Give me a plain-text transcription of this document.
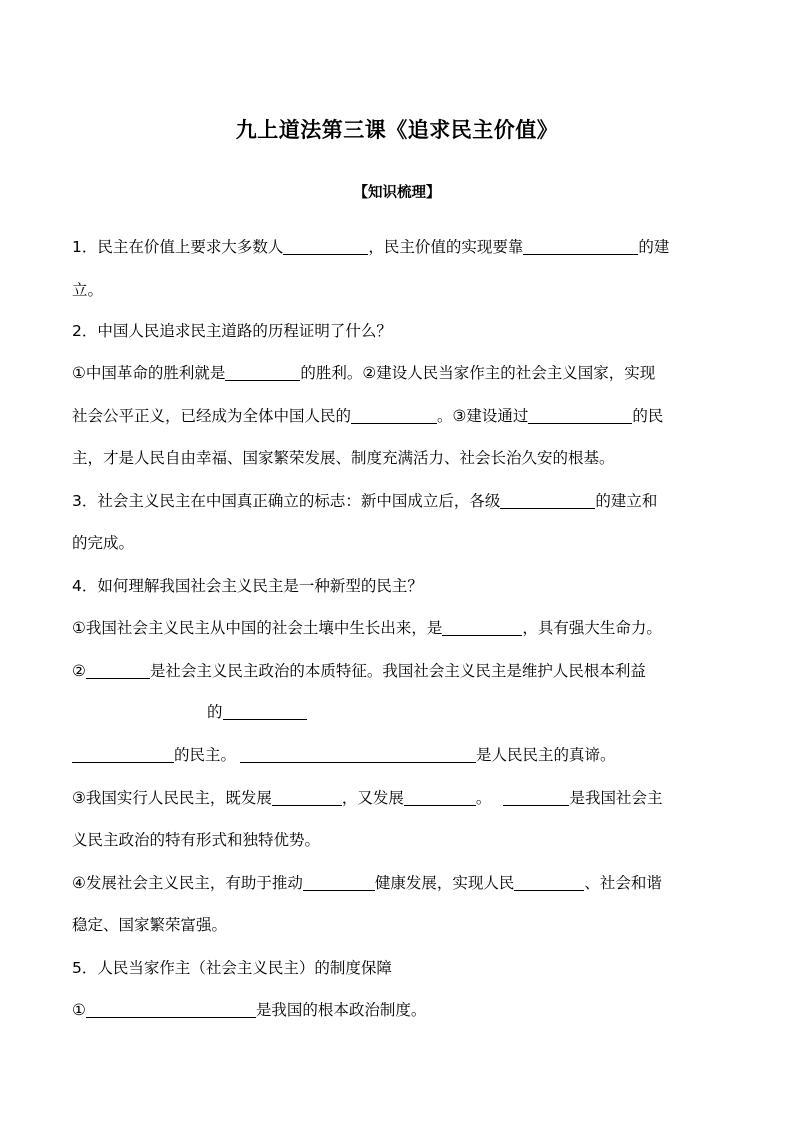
九上道法第三课《追求民主价值》
【知识梳理】
1．民主在价值上要求大多数人	，民主价值的实现要靠	的建
立。
2．中国人民追求民主道路的历程证明了什么？
①中国革命的胜利就是	的胜利。②建设人民当家作主的社会主义国家，实现
社会公平正义，已经成为全体中国人民的	。③建设通过	的民
主，才是人民自由幸福、国家繁荣发展、制度充满活力、社会长治久安的根基。
3．社会主义民主在中国真正确立的标志：新中国成立后，各级	的建立和
的完成。
4．如何理解我国社会主义民主是一种新型的民主？
①我国社会主义民主从中国的社会土壤中生长出来，是	，具有强大生命力。
②	是社会主义民主政治的本质特征。我国社会主义民主是维护人民根本利益
的
的民主。	是人民民主的真谛。
③我国实行人民民主，既发展	，又发展	。	是我国社会主
义民主政治的特有形式和独特优势。
④发展社会主义民主，有助于推动	健康发展，实现人民	、社会和谐
稳定、国家繁荣富强。
5．人民当家作主（社会主义民主）的制度保障
①	是我国的根本政治制度。
